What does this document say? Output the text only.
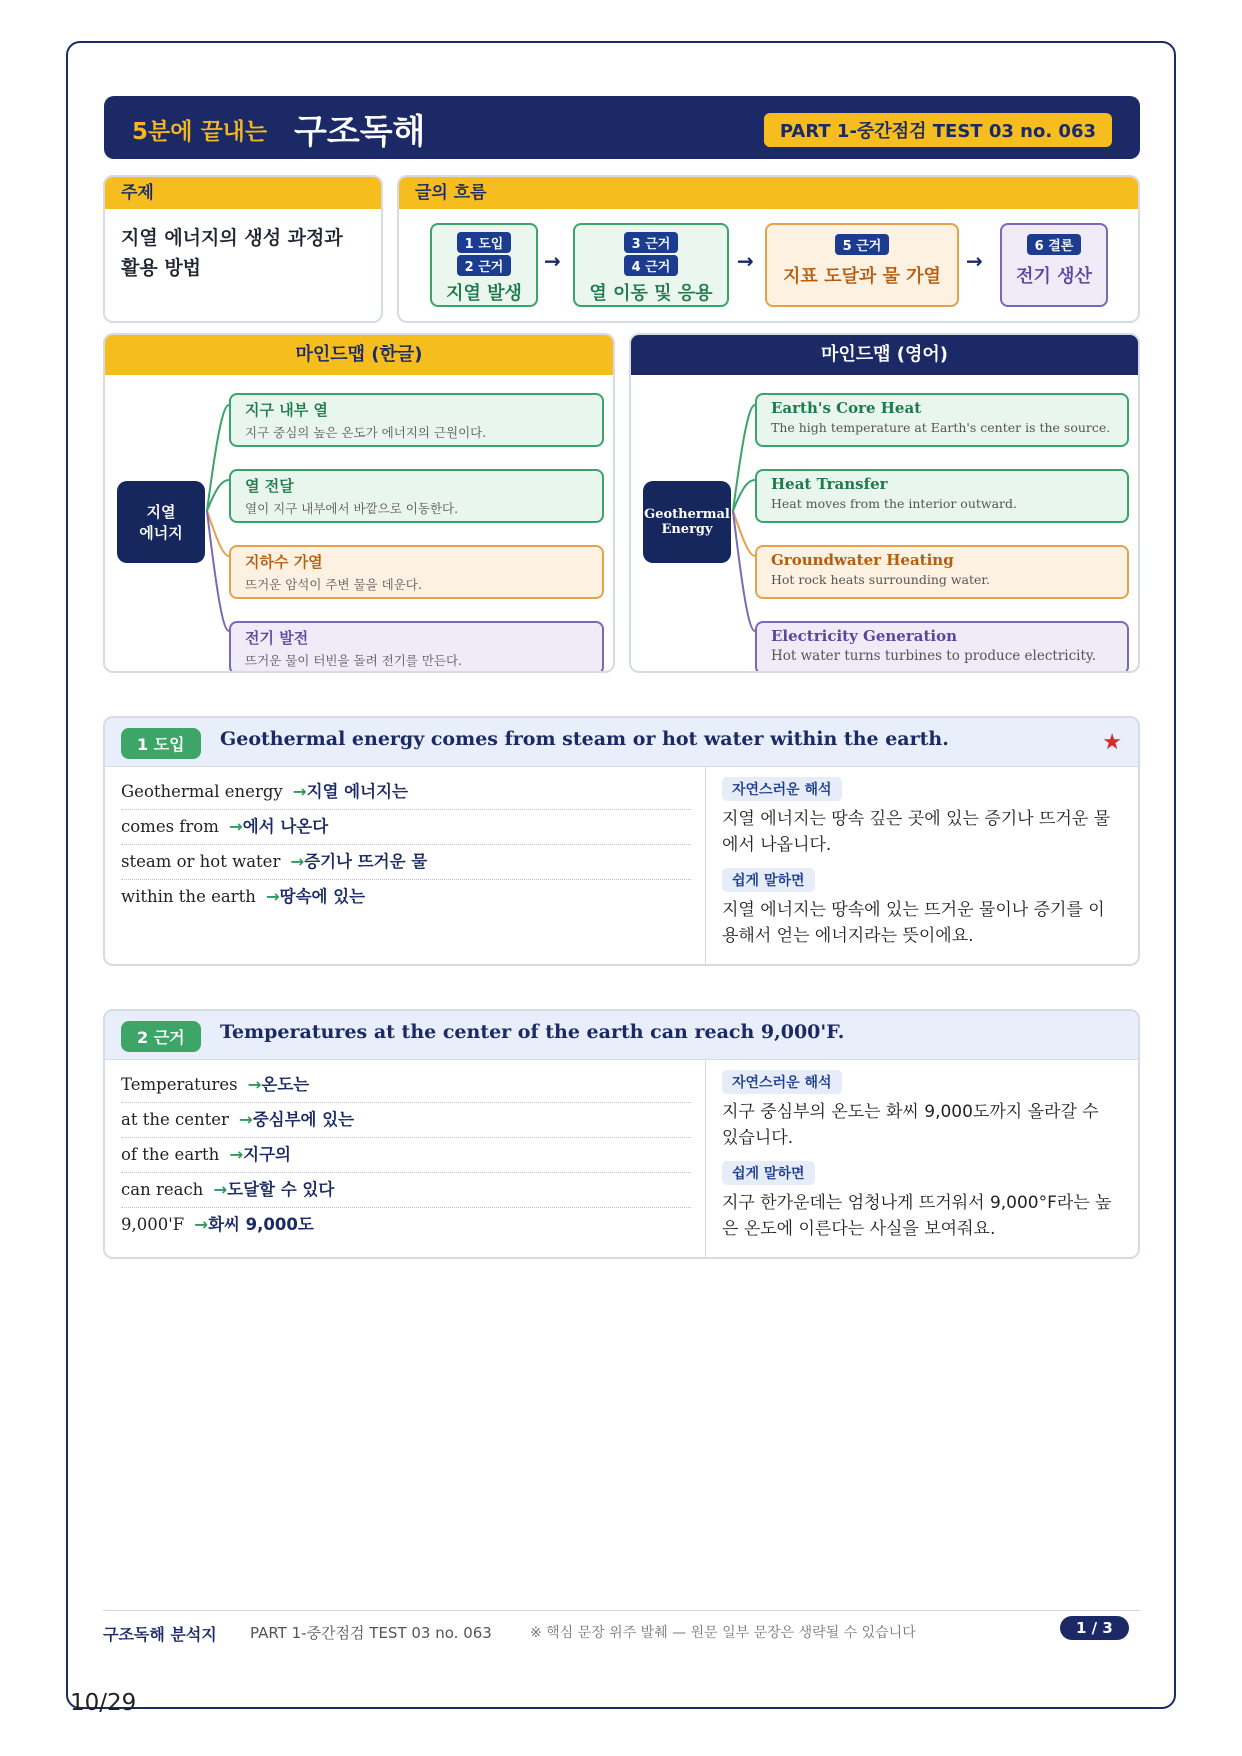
5분에 끝내는 구조독해	PART 1-중간점검 TEST 03 no. 063
주제
지열 에너지의 생성 과정과
활용 방법
글의 흐름
1 도입
2 근거
지열 발생
→
3 근거
4 근거
열 이동 및 응용
→
5 근거
지표 도달과 물 가열
→
6 결론
전기 생산
마인드맵 (한글)
지열
에너지
지구 내부 열
지구 중심의 높은 온도가 에너지의 근원이다.
열 전달
열이 지구 내부에서 바깥으로 이동한다.
지하수 가열
뜨거운 암석이 주변 물을 데운다.
전기 발전
뜨거운 물이 터빈을 돌려 전기를 만든다.
마인드맵 (영어)
Geothermal
Energy
Earth's Core Heat
The high temperature at Earth's center is the source.
Heat Transfer
Heat moves from the interior outward.
Groundwater Heating
Hot rock heats surrounding water.
Electricity Generation
Hot water turns turbines to produce electricity.
1 도입	Geothermal energy comes from steam or hot water within the earth.	★
Geothermal energy →지열 에너지는
comes from →에서 나온다
steam or hot water →증기나 뜨거운 물
within the earth →땅속에 있는
자연스러운 해석
지열 에너지는 땅속 깊은 곳에 있는 증기나 뜨거운 물에서 나옵니다.
쉽게 말하면
지열 에너지는 땅속에 있는 뜨거운 물이나 증기를 이용해서 얻는 에너지라는 뜻이에요.
2 근거	Temperatures at the center of the earth can reach 9,000'F.
Temperatures →온도는
at the center →중심부에 있는
of the earth →지구의
can reach →도달할 수 있다
9,000'F →화씨 9,000도
자연스러운 해석
지구 중심부의 온도는 화씨 9,000도까지 올라갈 수 있습니다.
쉽게 말하면
지구 한가운데는 엄청나게 뜨거워서 9,000°F라는 높은 온도에 이른다는 사실을 보여줘요.
구조독해 분석지 PART 1-중간점검 TEST 03 no. 063	※ 핵심 문장 위주 발췌 — 원문 일부 문장은 생략될 수 있습니다	1 / 3
10/29
